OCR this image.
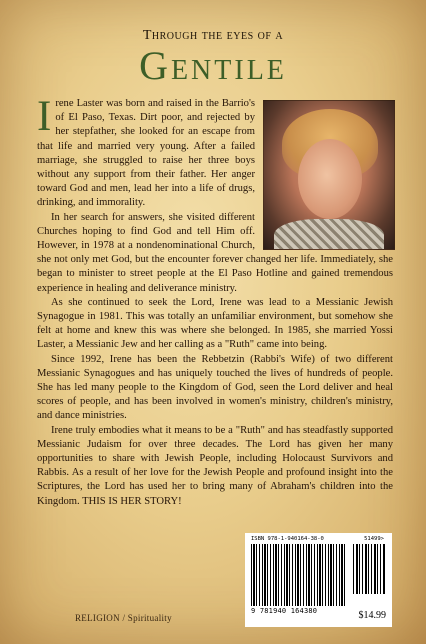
Through the eyes of a
Gentile

Irene Laster was born and raised in the Barrio's of El Paso, Texas. Dirt poor, and rejected by her stepfather, she looked for an escape from that life and married very young. After a failed marriage, she struggled to raise her three boys without any support from their father. Her anger toward God and men, lead her into a life of drugs, drinking, and immorality.

In her search for answers, she visited different Churches hoping to find God and tell Him off. However, in 1978 at a nondenominational Church, she not only met God, but the encounter forever changed her life. Immediately, she began to minister to street people at the El Paso Hotline and gained tremendous experience in healing and deliverance ministry.

As she continued to seek the Lord, Irene was lead to a Messianic Jewish Synagogue in 1981. This was totally an unfamiliar environment, but somehow she felt at home and knew this was where she belonged. In 1985, she married Yossi Laster, a Messianic Jew and her calling as a "Ruth" came into being.

Since 1992, Irene has been the Rebbetzin (Rabbi's Wife) of two different Messianic Synagogues and has uniquely touched the lives of hundreds of people. She has led many people to the Kingdom of God, seen the Lord deliver and heal scores of people, and has been involved in women's ministry, children's ministry, and dance ministries.

Irene truly embodies what it means to be a "Ruth" and has steadfastly supported Messianic Judaism for over three decades. The Lord has given her many opportunities to share with Jewish People, including Holocaust Survivors and Rabbis. As a result of her love for the Jewish People and profound insight into the Scriptures, the Lord has used her to bring many of Abraham's children into the Kingdom. THIS IS HER STORY!

ISBN 978-1-940164-38-0	51499>
9 781940 164380	$14.99
RELIGION / Spirituality
